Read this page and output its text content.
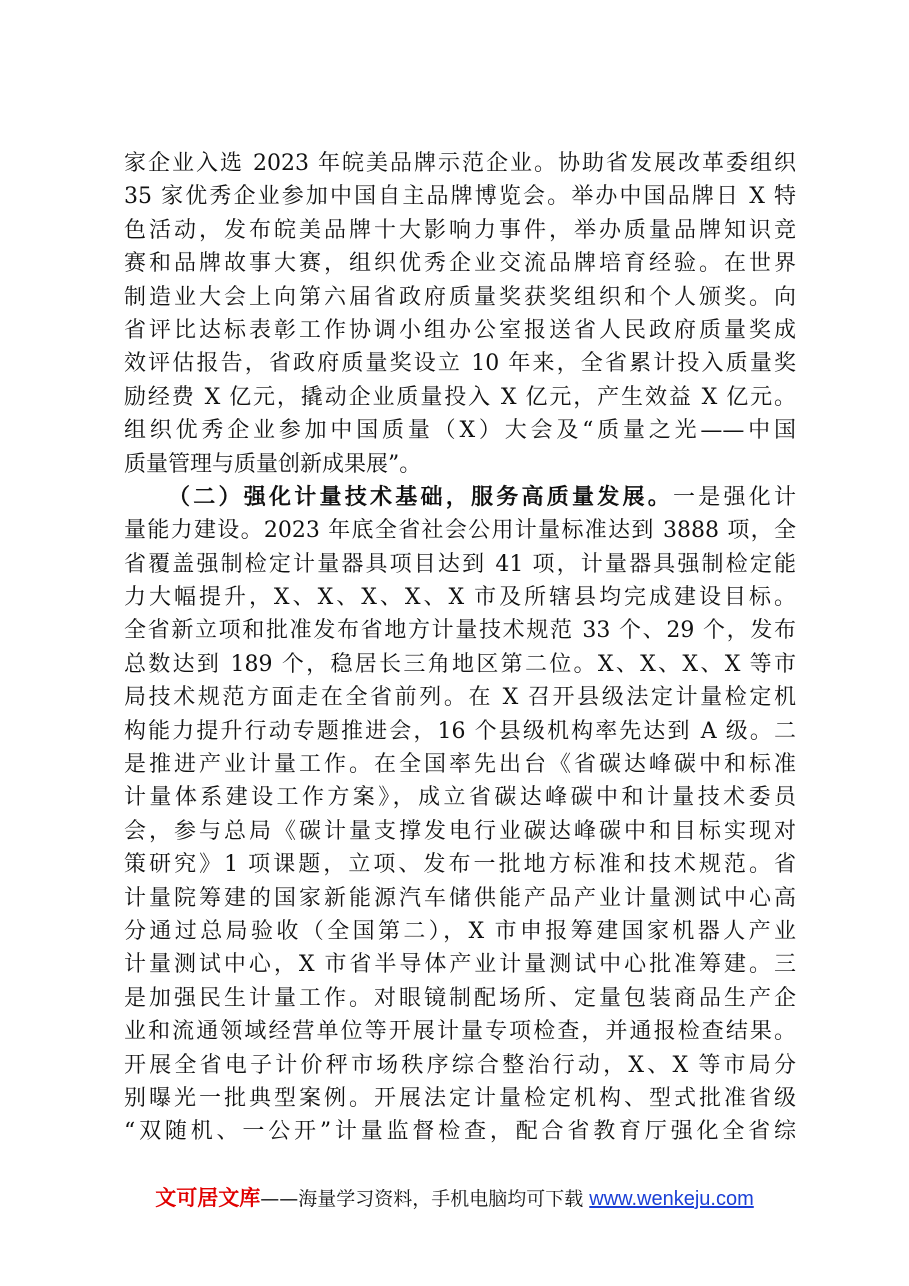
家企业入选 2023 年皖美品牌示范企业。协助省发展改革委组织
35 家优秀企业参加中国自主品牌博览会。举办中国品牌日 X 特
色活动，发布皖美品牌十大影响力事件，举办质量品牌知识竞
赛和品牌故事大赛，组织优秀企业交流品牌培育经验。在世界
制造业大会上向第六届省政府质量奖获奖组织和个人颁奖。向
省评比达标表彰工作协调小组办公室报送省人民政府质量奖成
效评估报告，省政府质量奖设立 10 年来，全省累计投入质量奖
励经费 X 亿元，撬动企业质量投入 X 亿元，产生效益 X 亿元。
组织优秀企业参加中国质量（X）大会及“质量之光——中国
质量管理与质量创新成果展”。
（二）强化计量技术基础，服务高质量发展。一是强化计
量能力建设。2023 年底全省社会公用计量标准达到 3888 项，全
省覆盖强制检定计量器具项目达到 41 项，计量器具强制检定能
力大幅提升，X、X、X、X、X 市及所辖县均完成建设目标。
全省新立项和批准发布省地方计量技术规范 33 个、29 个，发布
总数达到 189 个，稳居长三角地区第二位。X、X、X、X 等市
局技术规范方面走在全省前列。在 X 召开县级法定计量检定机
构能力提升行动专题推进会，16 个县级机构率先达到 A 级。二
是推进产业计量工作。在全国率先出台《省碳达峰碳中和标准
计量体系建设工作方案》，成立省碳达峰碳中和计量技术委员
会，参与总局《碳计量支撑发电行业碳达峰碳中和目标实现对
策研究》1 项课题，立项、发布一批地方标准和技术规范。省
计量院筹建的国家新能源汽车储供能产品产业计量测试中心高
分通过总局验收（全国第二），X 市申报筹建国家机器人产业
计量测试中心，X 市省半导体产业计量测试中心批准筹建。三
是加强民生计量工作。对眼镜制配场所、定量包装商品生产企
业和流通领域经营单位等开展计量专项检查，并通报检查结果。
开展全省电子计价秤市场秩序综合整治行动，X、X 等市局分
别曝光一批典型案例。开展法定计量检定机构、型式批准省级
“双随机、一公开”计量监督检查，配合省教育厅强化全省综
文可居文库——海量学习资料，手机电脑均可下载 www.wenkeju.com
